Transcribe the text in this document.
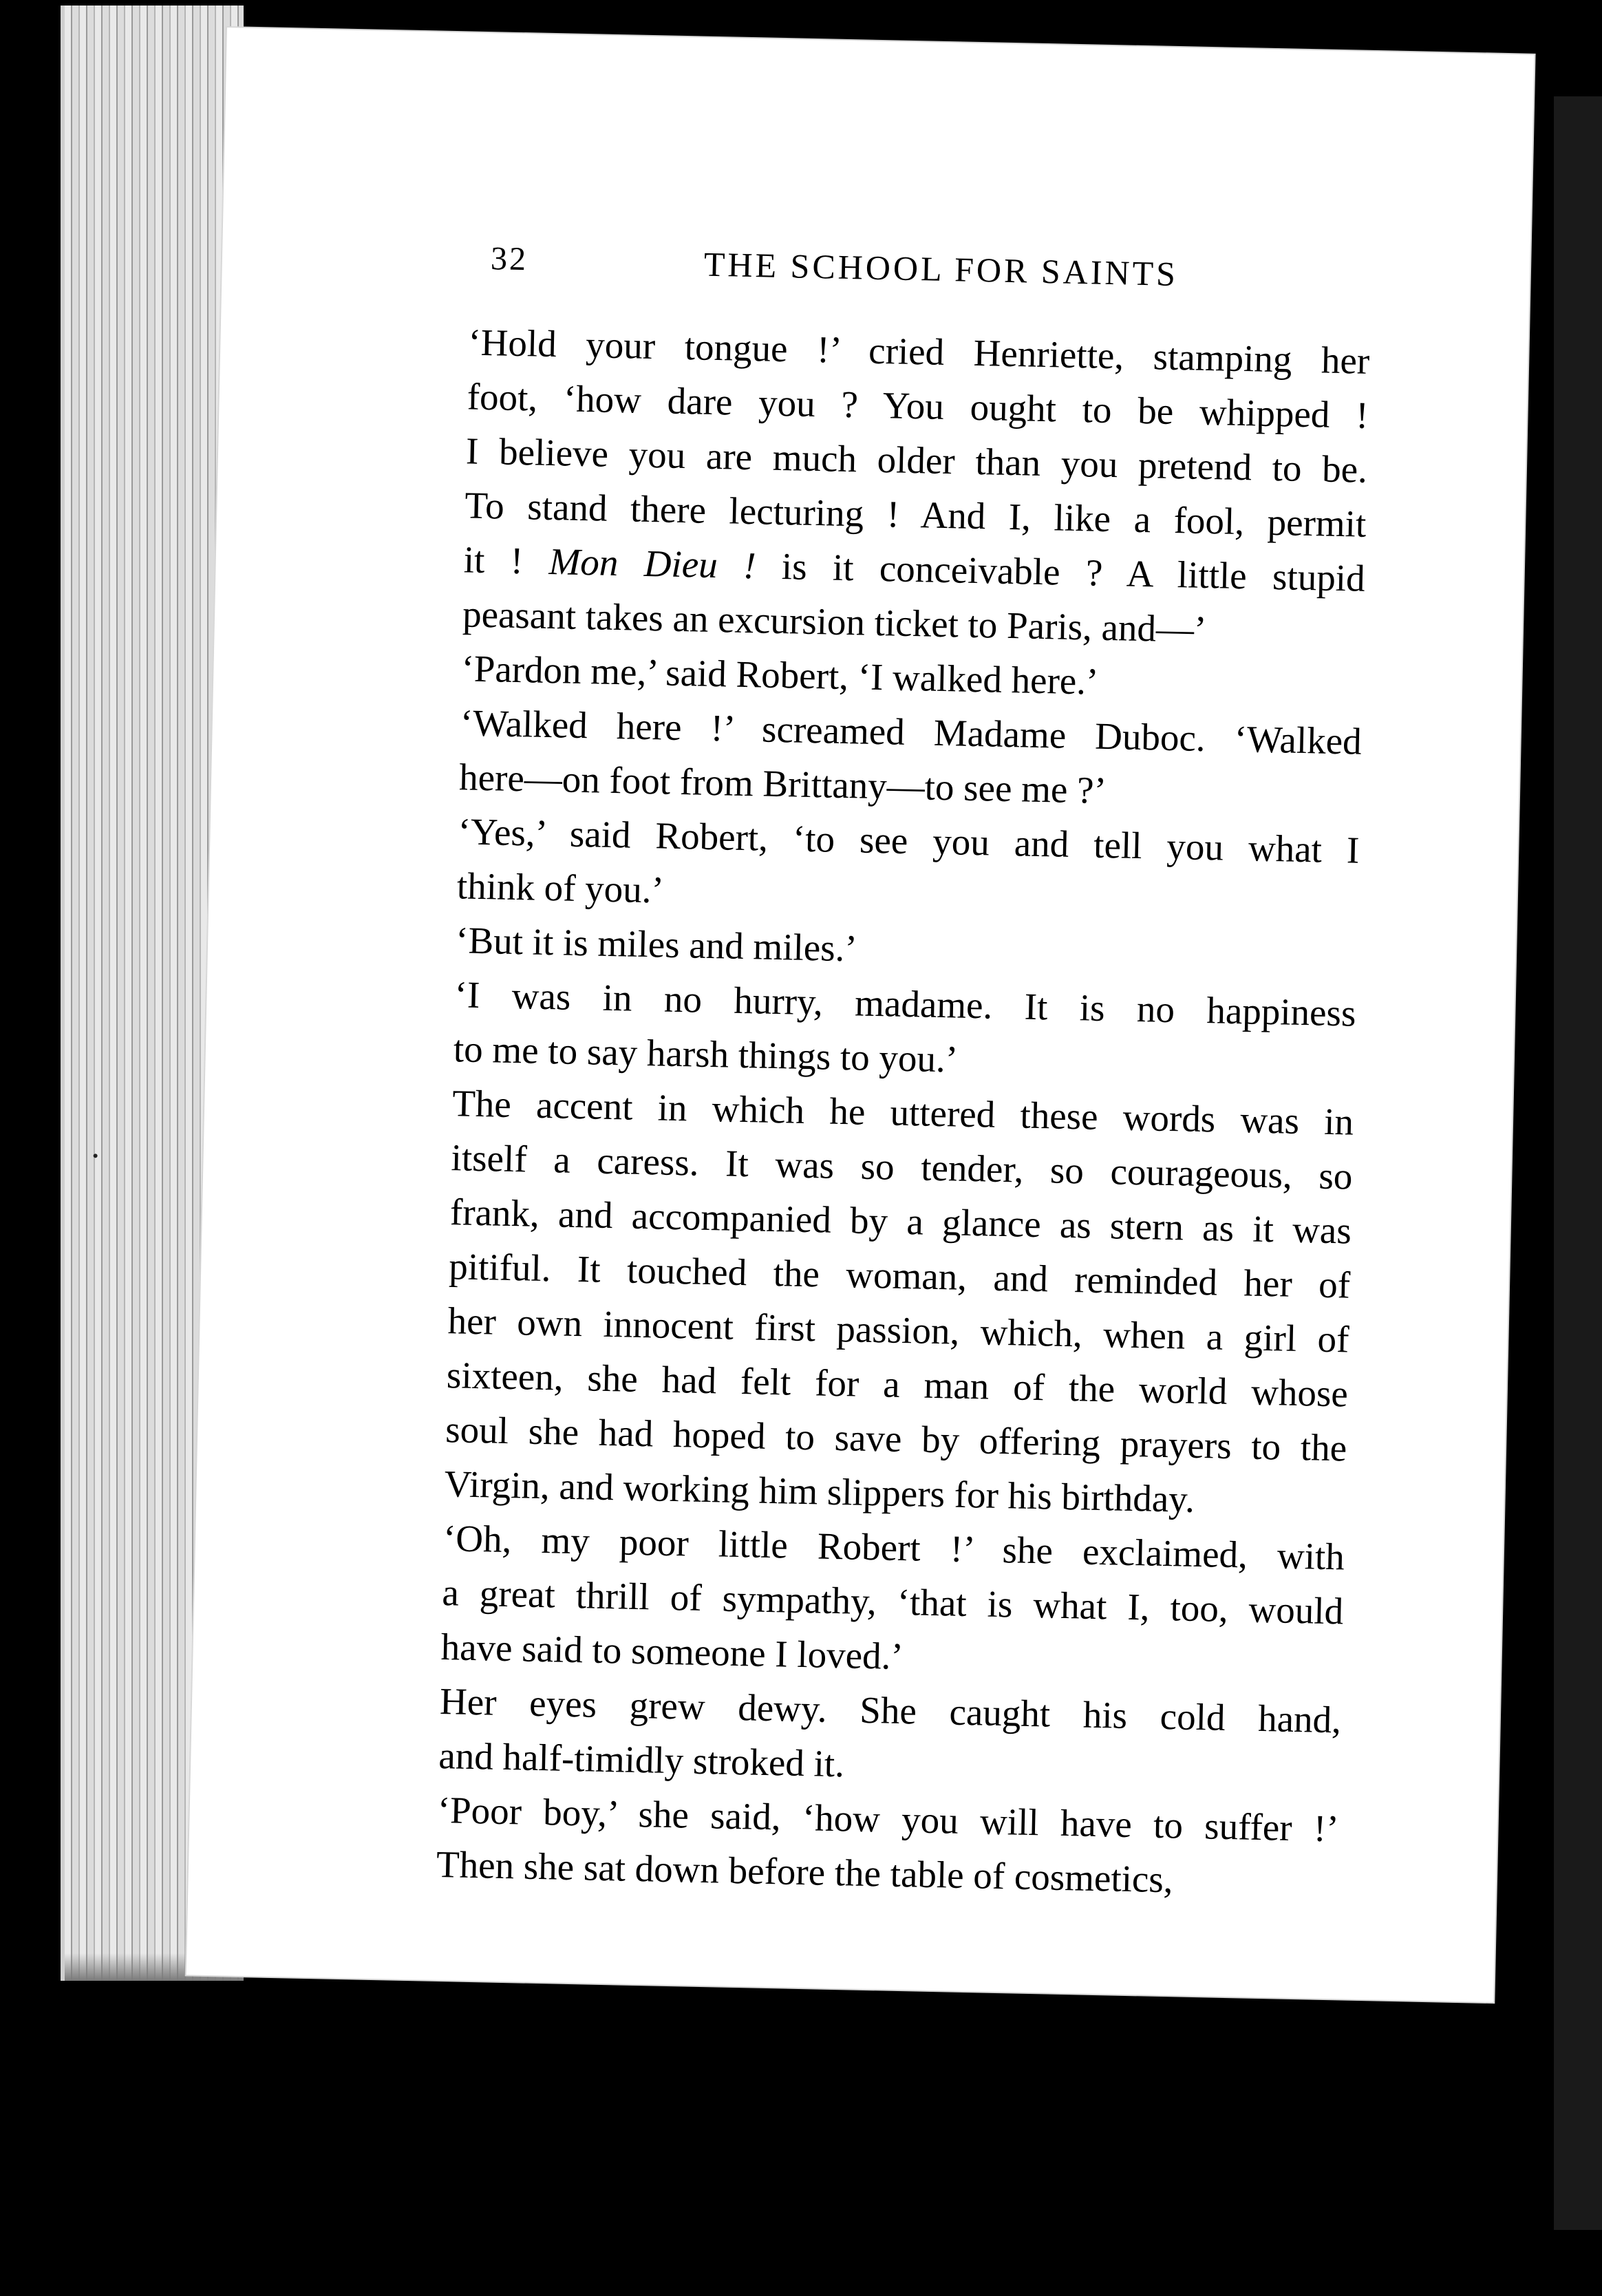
32	THE SCHOOL FOR SAINTS

‘Hold your tongue !’ cried Henriette, stamping her
foot, ‘how dare you ? You ought to be whipped !
I believe you are much older than you pretend to be.
To stand there lecturing ! And I, like a fool, permit
it ! Mon Dieu ! is it conceivable ? A little stupid
peasant takes an excursion ticket to Paris, and—’

‘Pardon me,’ said Robert, ‘I walked here.’

‘Walked here !’ screamed Madame Duboc. ‘Walked
here—on foot from Brittany—to see me ?’

‘Yes,’ said Robert, ‘to see you and tell you what I
think of you.’

‘But it is miles and miles.’

‘I was in no hurry, madame. It is no happiness
to me to say harsh things to you.’

The accent in which he uttered these words was in
itself a caress. It was so tender, so courageous, so
frank, and accompanied by a glance as stern as it was
pitiful. It touched the woman, and reminded her of
her own innocent first passion, which, when a girl of
sixteen, she had felt for a man of the world whose
soul she had hoped to save by offering prayers to the
Virgin, and working him slippers for his birthday.

‘Oh, my poor little Robert !’ she exclaimed, with
a great thrill of sympathy, ‘that is what I, too, would
have said to someone I loved.’

Her eyes grew dewy. She caught his cold hand,
and half-timidly stroked it.

‘Poor boy,’ she said, ‘how you will have to suffer !’
Then she sat down before the table of cosmetics,
